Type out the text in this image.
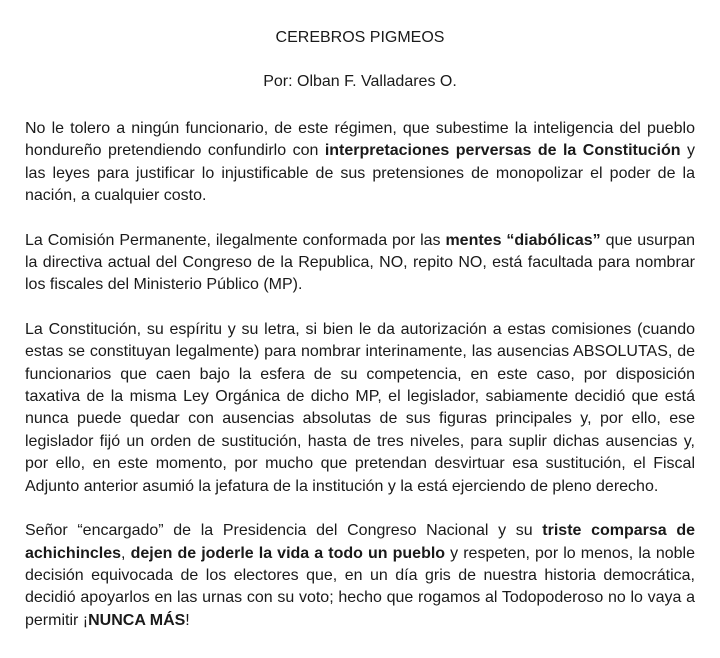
CEREBROS PIGMEOS

Por: Olban F. Valladares O.

No le tolero a ningún funcionario, de este régimen, que subestime la inteligencia del pueblo hondureño pretendiendo confundirlo con interpretaciones perversas de la Constitución y las leyes para justificar lo injustificable de sus pretensiones de monopolizar el poder de la nación, a cualquier costo.

La Comisión Permanente, ilegalmente conformada por las mentes “diabólicas” que usurpan la directiva actual del Congreso de la Republica, NO, repito NO, está facultada para nombrar los fiscales del Ministerio Público (MP).

La Constitución, su espíritu y su letra, si bien le da autorización a estas comisiones (cuando estas se constituyan legalmente) para nombrar interinamente, las ausencias ABSOLUTAS, de funcionarios que caen bajo la esfera de su competencia, en este caso, por disposición taxativa de la misma Ley Orgánica de dicho MP, el legislador, sabiamente decidió que está nunca puede quedar con ausencias absolutas de sus figuras principales y, por ello, ese legislador fijó un orden de sustitución, hasta de tres niveles, para suplir dichas ausencias y, por ello, en este momento, por mucho que pretendan desvirtuar esa sustitución, el Fiscal Adjunto anterior asumió la jefatura de la institución y la está ejerciendo de pleno derecho.

Señor “encargado” de la Presidencia del Congreso Nacional y su triste comparsa de achichincles, dejen de joderle la vida a todo un pueblo y respeten, por lo menos, la noble decisión equivocada de los electores que, en un día gris de nuestra historia democrática, decidió apoyarlos en las urnas con su voto; hecho que rogamos al Todopoderoso no lo vaya a permitir ¡NUNCA MÁS!
